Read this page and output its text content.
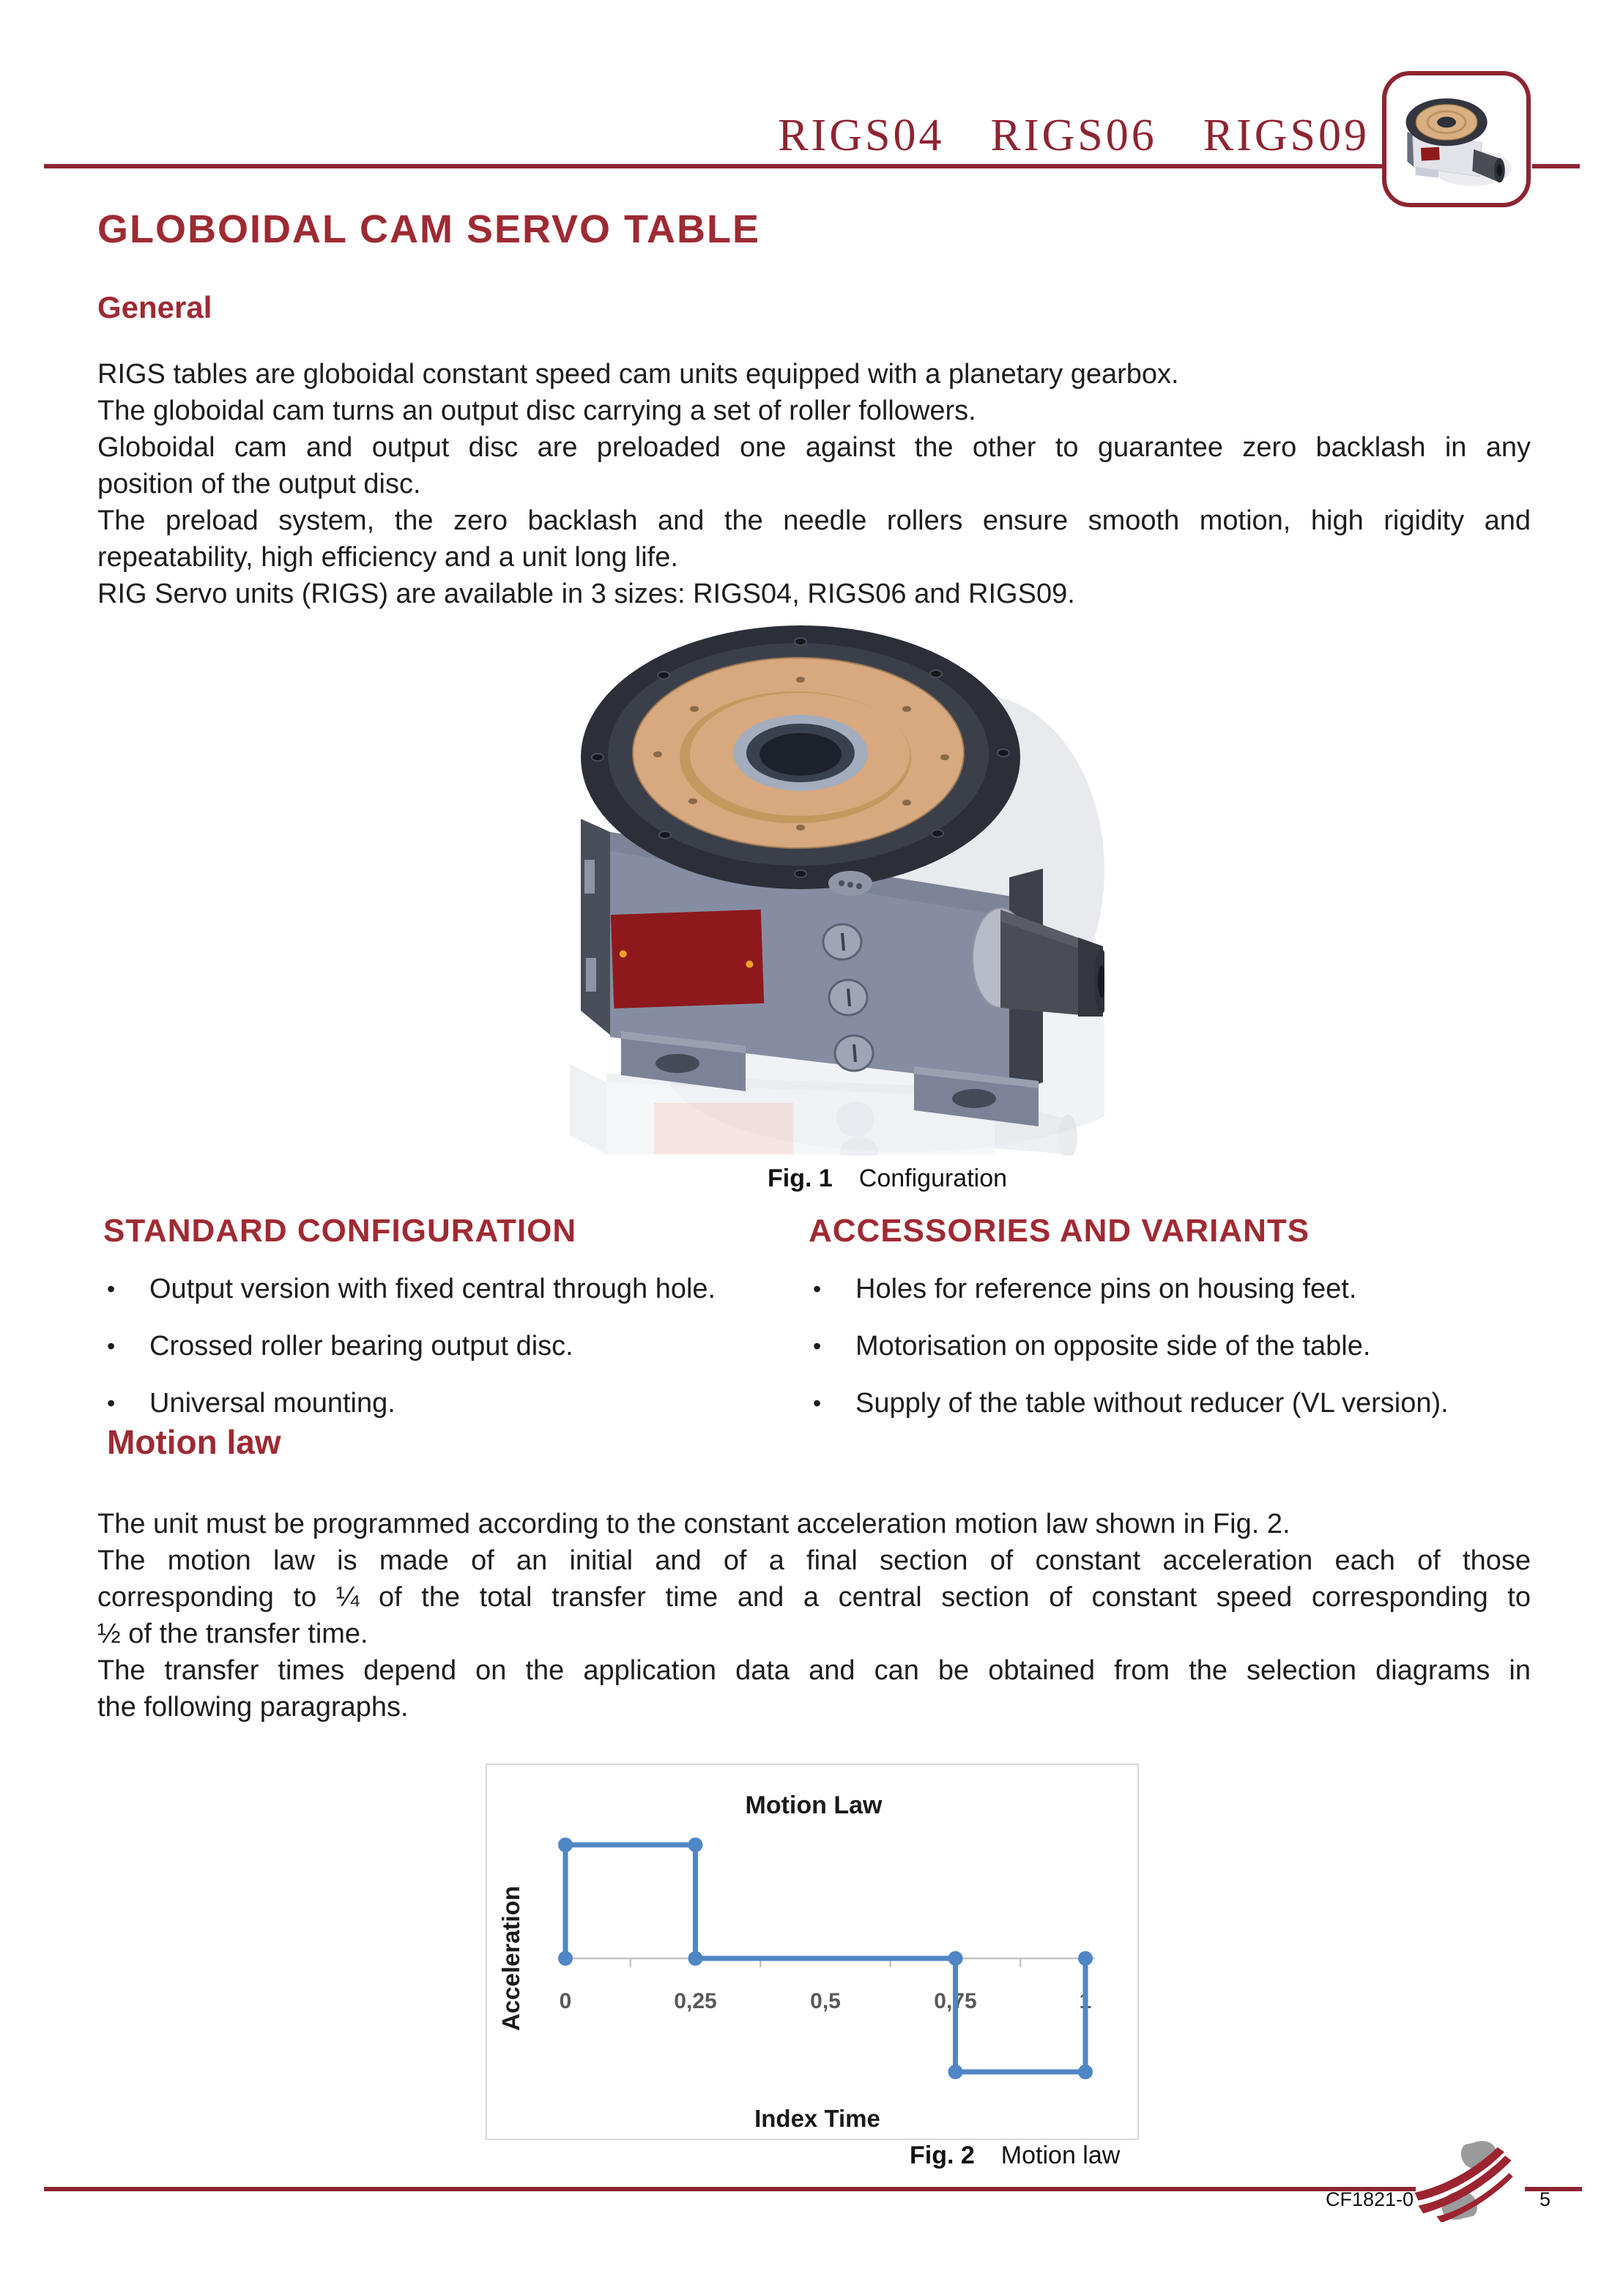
RIGS04  RIGS06  RIGS09
GLOBOIDAL CAM SERVO TABLE
General
RIGS tables are globoidal constant speed cam units equipped with a planetary gearbox.
The globoidal cam turns an output disc carrying a set of roller followers.
Globoidal cam and output disc are preloaded one against the other to guarantee zero backlash in any
position of the output disc.
The preload system, the zero backlash and the needle rollers ensure smooth motion, high rigidity and
repeatability, high efficiency and a unit long life.
RIG Servo units (RIGS) are available in 3 sizes: RIGS04, RIGS06 and RIGS09.
Fig. 1 Configuration
STANDARD CONFIGURATION
•	Output version with fixed central through hole.
•	Crossed roller bearing output disc.
•	Universal mounting.
ACCESSORIES AND VARIANTS
•	Holes for reference pins on housing feet.
•	Motorisation on opposite side of the table.
•	Supply of the table without reducer (VL version).
Motion law
The unit must be programmed according to the constant acceleration motion law shown in Fig. 2.
The motion law is made of an initial and of a final section of constant acceleration each of those
corresponding to ¼ of the total transfer time and a central section of constant speed corresponding to
½ of the transfer time.
The transfer times depend on the application data and can be obtained from the selection diagrams in
the following paragraphs.
Motion Law
0	0,25	0,5	0,75	1
Index Time
Acceleration
Fig. 2 Motion law
CF1821-0	5
